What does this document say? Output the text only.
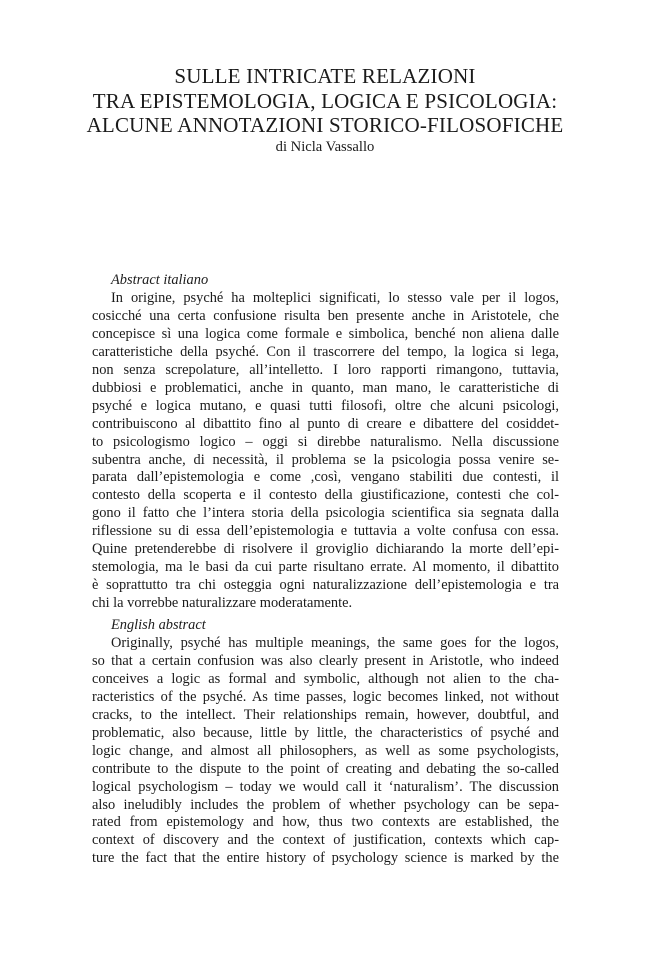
SULLE INTRICATE RELAZIONI
TRA EPISTEMOLOGIA, LOGICA E PSICOLOGIA:
ALCUNE ANNOTAZIONI STORICO-FILOSOFICHE
di Nicla Vassallo
Abstract italiano
In origine, psyché ha molteplici significati, lo stesso vale per il logos,
cosicché una certa confusione risulta ben presente anche in Aristotele, che
concepisce sì una logica come formale e simbolica, benché non aliena dalle
caratteristiche della psyché. Con il trascorrere del tempo, la logica si lega,
non senza screpolature, all’intelletto. I loro rapporti rimangono, tuttavia,
dubbiosi e problematici, anche in quanto, man mano, le caratteristiche di
psyché e logica mutano, e quasi tutti filosofi, oltre che alcuni psicologi,
contribuiscono al dibattito fino al punto di creare e dibattere del cosiddet-
to psicologismo logico – oggi si direbbe naturalismo. Nella discussione
subentra anche, di necessità, il problema se la psicologia possa venire se-
parata dall’epistemologia e come ,così, vengano stabiliti due contesti, il
contesto della scoperta e il contesto della giustificazione, contesti che col-
gono il fatto che l’intera storia della psicologia scientifica sia segnata dalla
riflessione su di essa dell’epistemologia e tuttavia a volte confusa con essa.
Quine pretenderebbe di risolvere il groviglio dichiarando la morte dell’epi-
stemologia, ma le basi da cui parte risultano errate. Al momento, il dibattito
è soprattutto tra chi osteggia ogni naturalizzazione dell’epistemologia e tra
chi la vorrebbe naturalizzare moderatamente.
English abstract
Originally, psyché has multiple meanings, the same goes for the logos,
so that a certain confusion was also clearly present in Aristotle, who indeed
conceives a logic as formal and symbolic, although not alien to the cha-
racteristics of the psyché. As time passes, logic becomes linked, not without
cracks, to the intellect. Their relationships remain, however, doubtful, and
problematic, also because, little by little, the characteristics of psyché and
logic change, and almost all philosophers, as well as some psychologists,
contribute to the dispute to the point of creating and debating the so-called
logical psychologism – today we would call it ‘naturalism’. The discussion
also ineludibly includes the problem of whether psychology can be sepa-
rated from epistemology and how, thus two contexts are established, the
context of discovery and the context of justification, contexts which cap-
ture the fact that the entire history of psychology science is marked by the
